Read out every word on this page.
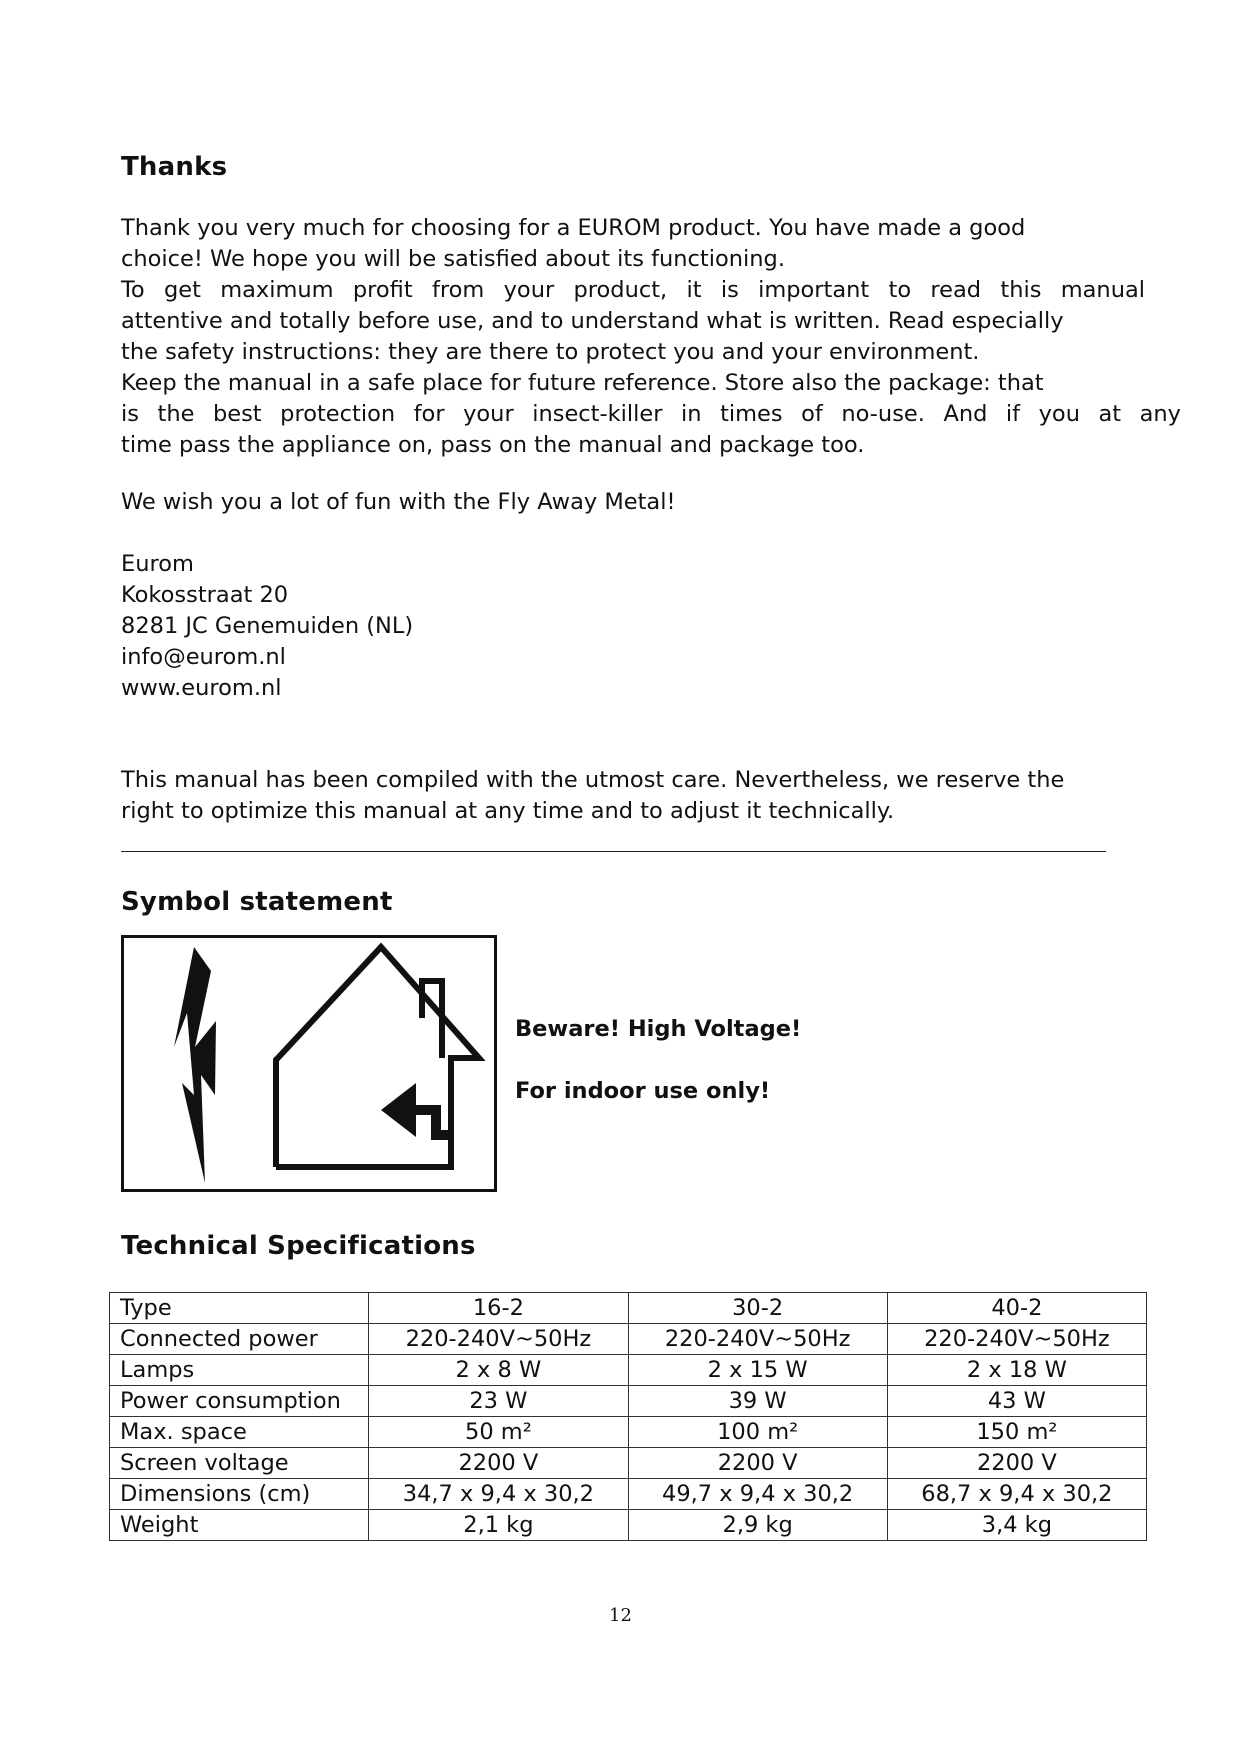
Thanks

Thank you very much for choosing for a EUROM product. You have made a good

choice! We hope you will be satisfied about its functioning.

To get maximum profit from your product, it is important to read this manual

attentive and totally before use, and to understand what is written. Read especially

the safety instructions: they are there to protect you and your environment.

Keep the manual in a safe place for future reference. Store also the package: that

is the best protection for your insect-killer in times of no-use. And if you at any

time pass the appliance on, pass on the manual and package too.

We wish you a lot of fun with the Fly Away Metal!

Eurom

Kokosstraat 20

8281 JC Genemuiden (NL)

info@eurom.nl

www.eurom.nl

This manual has been compiled with the utmost care. Nevertheless, we reserve the

right to optimize this manual at any time and to adjust it technically.

Symbol statement

Beware! High Voltage!

For indoor use only!

Technical Specifications
Type	16-2	30-2	40-2
Connected power	220-240V~50Hz	220-240V~50Hz	220-240V~50Hz
Lamps	2 x 8 W	2 x 15 W	2 x 18 W
Power consumption	23 W	39 W	43 W
Max. space	50 m²	100 m²	150 m²
Screen voltage	2200 V	2200 V	2200 V
Dimensions (cm)	34,7 x 9,4 x 30,2	49,7 x 9,4 x 30,2	68,7 x 9,4 x 30,2
Weight	2,1 kg	2,9 kg	3,4 kg
12
